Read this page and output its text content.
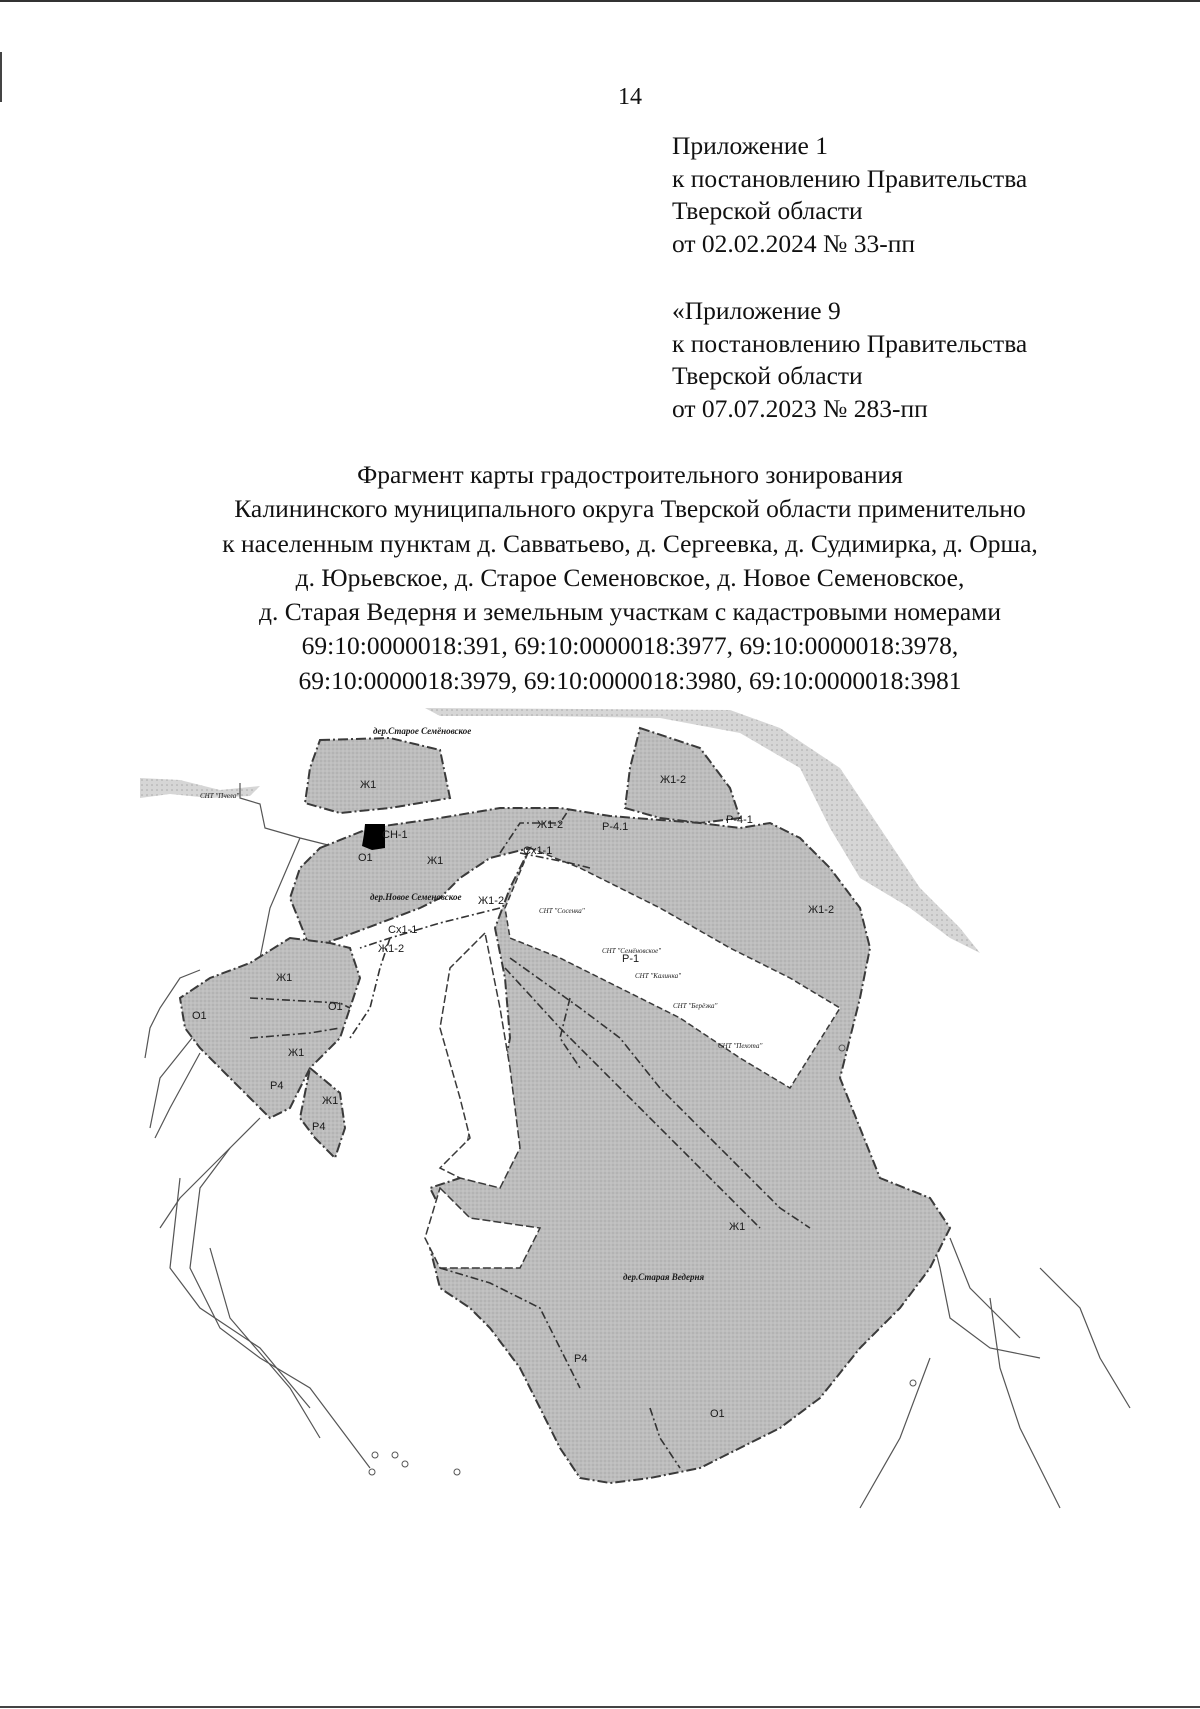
14
Приложение 1
к постановлению Правительства
Тверской области
от 02.02.2024 № 33-пп
«Приложение 9
к постановлению Правительства
Тверской области
от 07.07.2023 № 283-пп
Фрагмент карты градостроительного зонирования
Калининского муниципального округа Тверской области применительно
к населенным пунктам д. Савватьево, д. Сергеевка, д. Судимирка, д. Орша,
д. Юрьевское, д. Старое Семеновское, д. Новое Семеновское,
д. Старая Ведерня и земельным участкам с кадастровыми номерами
69:10:0000018:391, 69:10:0000018:3977, 69:10:0000018:3978,
69:10:0000018:3979, 69:10:0000018:3980, 69:10:0000018:3981
дер.Старое Семёновское
дер.Новое Семеновское
дер.Старая Ведерня
СНТ "Пчела"
СНТ "Сосенка"
СНТ "Семёновское"
СНТ "Калинка"
СНТ "Берёзка"
СНТ "Пехота"
Ж1	Ж1-2
Р-4-1
Р-4.1
Ж1-2
СН-1
О1	Ж1
Сх1-1
Ж1-2
Ж1-2
Сх1-1
Ж1-2
Ж1
О1
О1
Ж1
Р4
Ж1
Р4
Р-1
Ж1
Р4
О1
